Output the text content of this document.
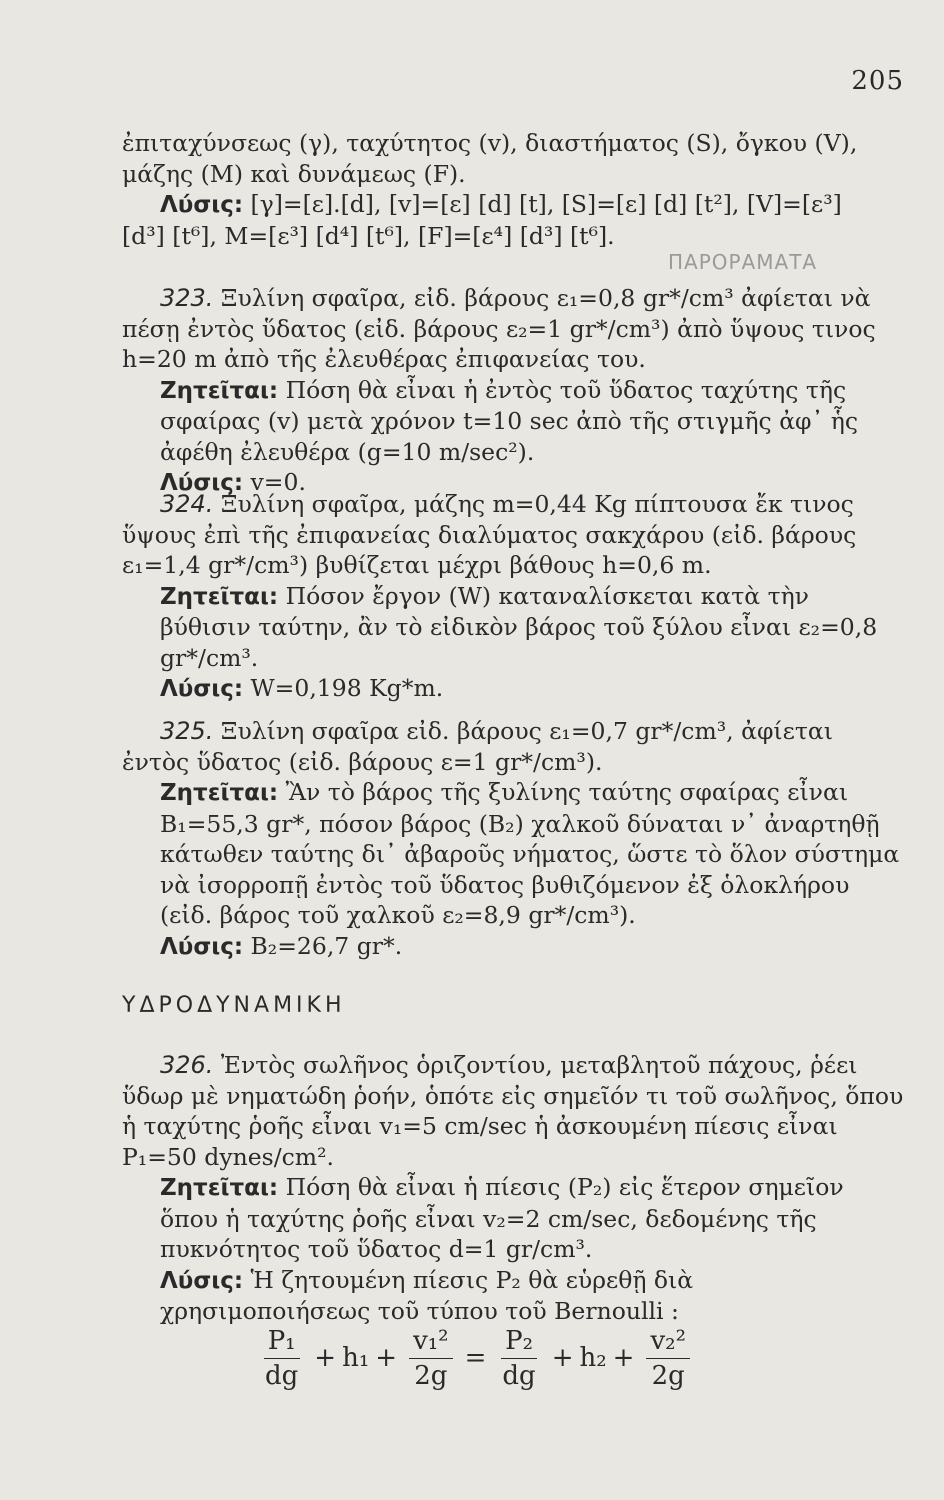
205
ΠΑΡΟΡΑΜΑΤΑ

ἐπιταχύνσεως (γ), ταχύτητος (v), διαστήματος (S), ὄγκου (V),

μάζης (M) καὶ δυνάμεως (F).

Λύσις: [γ]=[ε].[d], [v]=[ε] [d] [t], [S]=[ε] [d] [t²], [V]=[ε³]

[d³] [t⁶], M=[ε³] [d⁴] [t⁶], [F]=[ε⁴] [d³] [t⁶].

323. Ξυλίνη σφαῖρα, εἰδ. βάρους ε₁=0,8 gr*/cm³ ἀφίεται νὰ πέσῃ ἐντὸς ὕδατος (εἰδ. βάρους ε₂=1 gr*/cm³) ἀπὸ ὕψους τινος h=20 m ἀπὸ τῆς ἐλευθέρας ἐπιφανείας του.

Ζητεῖται: Πόση θὰ εἶναι ἡ ἐντὸς τοῦ ὕδατος ταχύτης τῆς σφαίρας (v) μετὰ χρόνον t=10 sec ἀπὸ τῆς στιγμῆς ἀφ᾽ ἧς ἀφέθη ἐλευθέρα (g=10 m/sec²).

Λύσις: v=0.

324. Ξυλίνη σφαῖρα, μάζης m=0,44 Kg πίπτουσα ἔκ τινος ὕψους ἐπὶ τῆς ἐπιφανείας διαλύματος σακχάρου (εἰδ. βάρους ε₁=1,4 gr*/cm³) βυθίζεται μέχρι βάθους h=0,6 m.

Ζητεῖται: Πόσον ἔργον (W) καταναλίσκεται κατὰ τὴν βύθισιν ταύτην, ἂν τὸ εἰδικὸν βάρος τοῦ ξύλου εἶναι ε₂=0,8 gr*/cm³.

Λύσις: W=0,198 Kg*m.

325. Ξυλίνη σφαῖρα εἰδ. βάρους ε₁=0,7 gr*/cm³, ἀφίεται ἐντὸς ὕδατος (εἰδ. βάρους ε=1 gr*/cm³).

Ζητεῖται: Ἂν τὸ βάρος τῆς ξυλίνης ταύτης σφαίρας εἶναι B₁=55,3 gr*, πόσον βάρος (B₂) χαλκοῦ δύναται ν᾽ ἀναρτηθῇ κάτωθεν ταύτης δι᾽ ἀβαροῦς νήματος, ὥστε τὸ ὅλον σύστημα νὰ ἰσορροπῇ ἐντὸς τοῦ ὕδατος βυθιζόμενον ἐξ ὁλοκλήρου (εἰδ. βάρος τοῦ χαλκοῦ ε₂=8,9 gr*/cm³).

Λύσις: B₂=26,7 gr*.

ΥΔΡΟΔΥΝΑΜΙΚΗ

326. Ἐντὸς σωλῆνος ὁριζοντίου, μεταβλητοῦ πάχους, ῥέει ὕδωρ μὲ νηματώδη ῥοήν, ὁπότε εἰς σημεῖόν τι τοῦ σωλῆνος, ὅπου ἡ ταχύτης ῥοῆς εἶναι v₁=5 cm/sec ἡ ἀσκουμένη πίεσις εἶναι P₁=50 dynes/cm².

Ζητεῖται: Πόση θὰ εἶναι ἡ πίεσις (P₂) εἰς ἕτερον σημεῖον ὅπου ἡ ταχύτης ῥοῆς εἶναι v₂=2 cm/sec, δεδομένης τῆς πυκνότητος τοῦ ὕδατος d=1 gr/cm³.

Λύσις: Ἡ ζητουμένη πίεσις P₂ θὰ εὑρεθῇ διὰ χρησιμοποιήσεως τοῦ τύπου τοῦ Bernoulli :

$\frac{\text{P₁}}{dg} + h_1 + \frac{\text{v₁²}}{2g} = \frac{\text{P₂}}{dg} + h_2 + \frac{\text{v₂²}}{2g}$
